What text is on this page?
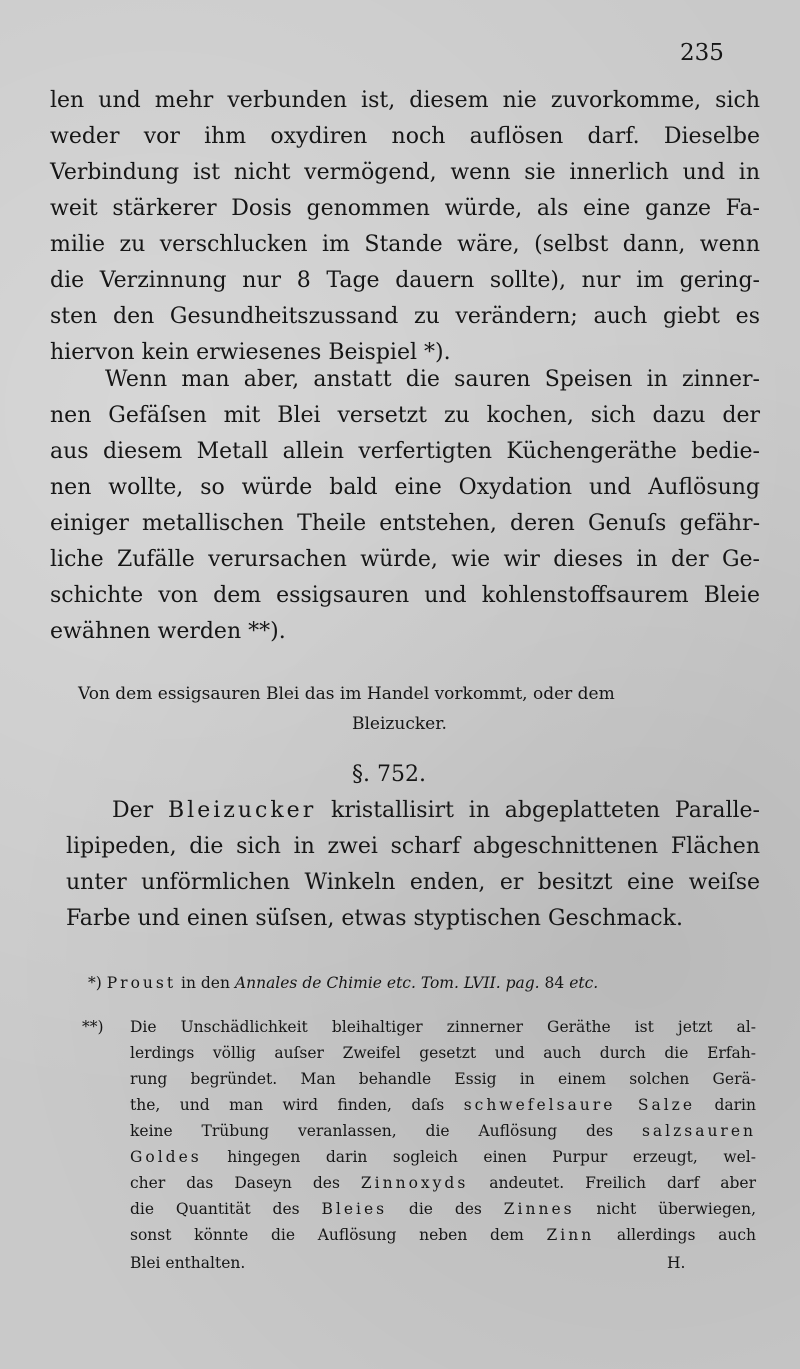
235
len und mehr verbunden ist, diesem nie zuvorkomme, sich
weder vor ihm oxydiren noch auflösen darf. Dieselbe
Verbindung ist nicht vermögend, wenn sie innerlich und in
weit stärkerer Dosis genommen würde, als eine ganze Fa-
milie zu verschlucken im Stande wäre, (selbst dann, wenn
die Verzinnung nur 8 Tage dauern sollte), nur im gering-
sten den Gesundheitszussand zu verändern; auch giebt es
hiervon kein erwiesenes Beispiel *).
Wenn man aber, anstatt die sauren Speisen in zinner-
nen Gefäſsen mit Blei versetzt zu kochen, sich dazu der
aus diesem Metall allein verfertigten Küchengeräthe bedie-
nen wollte, so würde bald eine Oxydation und Auflösung
einiger metallischen Theile entstehen, deren Genuſs gefähr-
liche Zufälle verursachen würde, wie wir dieses in der Ge-
schichte von dem essigsauren und kohlenstoffsaurem Bleie
ewähnen werden **).
Von dem essigsauren Blei das im Handel vorkommt, oder dem
Bleizucker.
§. 752.
Der Bleizucker kristallisirt in abgeplatteten Paralle-
lipipeden, die sich in zwei scharf abgeschnittenen Flächen
unter unförmlichen Winkeln enden, er besitzt eine weiſse
Farbe und einen süſsen, etwas styptischen Geschmack.
*) Proust in den Annales de Chimie etc. Tom. LVII. pag. 84 etc.
**) Die Unschädlichkeit bleihaltiger zinnerner Geräthe ist jetzt al-
lerdings völlig auſser Zweifel gesetzt und auch durch die Erfah-
rung begründet. Man behandle Essig in einem solchen Gerä-
the, und man wird finden, daſs schwefelsaure Salze darin
keine Trübung veranlassen, die Auflösung des salzsauren
Goldes hingegen darin sogleich einen Purpur erzeugt, wel-
cher das Daseyn des Zinnoxyds andeutet. Freilich darf aber
die Quantität des Bleies die des Zinnes nicht überwiegen,
sonst könnte die Auflösung neben dem Zinn allerdings auch
Blei enthalten.	H.
